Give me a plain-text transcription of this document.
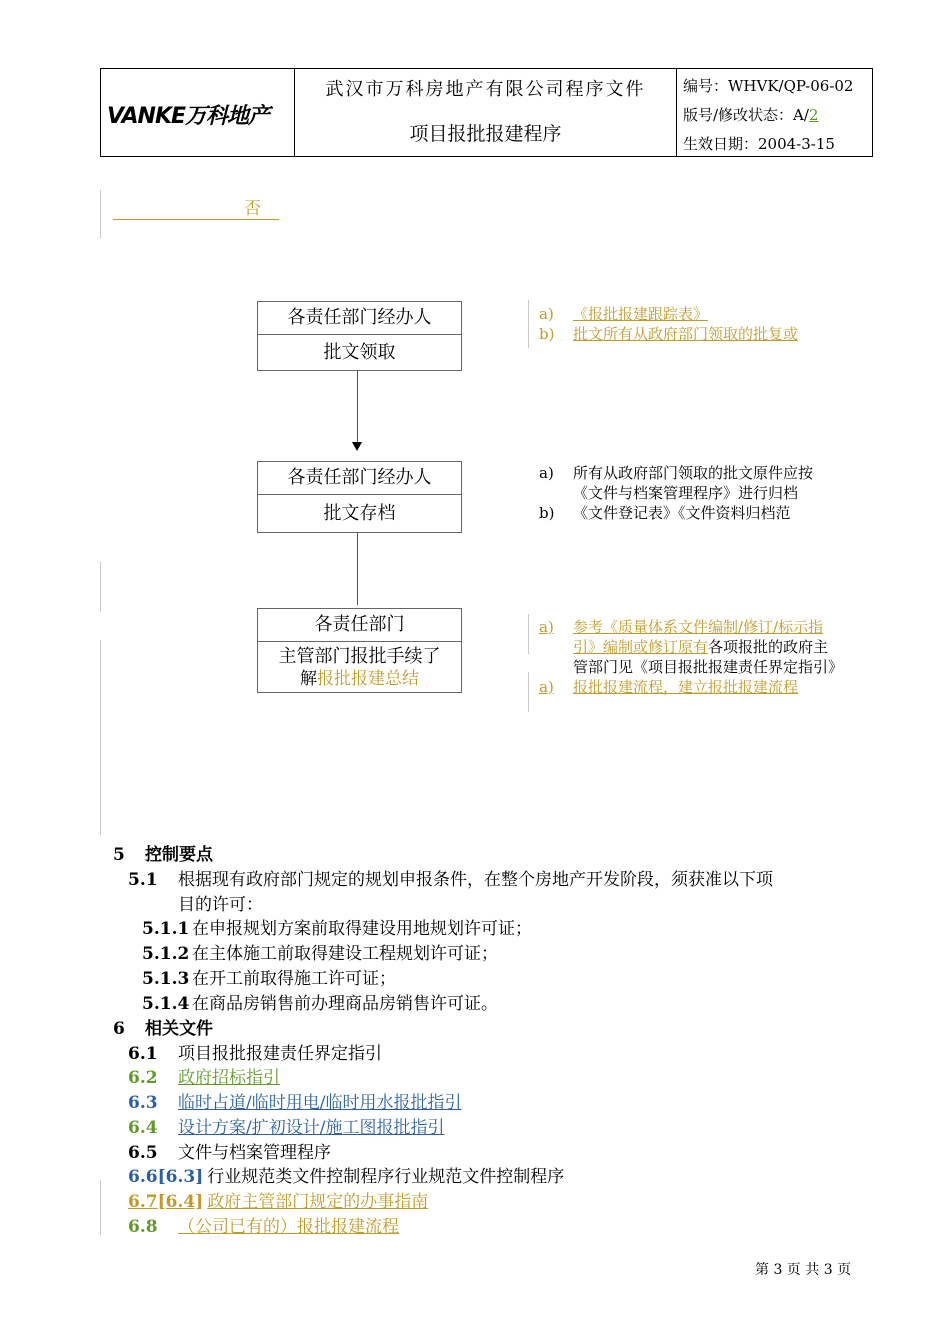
VANKE万科地产
武汉市万科房地产有限公司程序文件
项目报批报建程序
编号：WHVK/QP-06-02
版号/修改状态：A/2
生效日期：2004-3-15
否
各责任部门经办人
批文领取
各责任部门经办人
批文存档
各责任部门
主管部门报批手续了
解报批报建总结
a) 《报批报建跟踪表》
b) 批文所有从政府部门领取的批复或
a) 所有从政府部门领取的批文原件应按《文件与档案管理程序》进行归档
b) 《文件登记表》《文件资料归档范
a) 参考《质量体系文件编制/修订/标示指引》编制或修订原有各项报批的政府主管部门见《项目报批报建责任界定指引》
a) 报批报建流程，建立报批报建流程
5 控制要点
5.1 根据现有政府部门规定的规划申报条件，在整个房地产开发阶段，须获准以下项
目的许可：
5.1.1 在申报规划方案前取得建设用地规划许可证；
5.1.2 在主体施工前取得建设工程规划许可证；
5.1.3 在开工前取得施工许可证；
5.1.4 在商品房销售前办理商品房销售许可证。
6 相关文件
6.1 项目报批报建责任界定指引
6.2 政府招标指引
6.3 临时占道/临时用电/临时用水报批指引
6.4 设计方案/扩初设计/施工图报批指引
6.5 文件与档案管理程序
6.6[6.3] 行业规范类文件控制程序行业规范文件控制程序
6.7[6.4] 政府主管部门规定的办事指南
6.8 （公司已有的）报批报建流程
第 3 页 共 3 页
